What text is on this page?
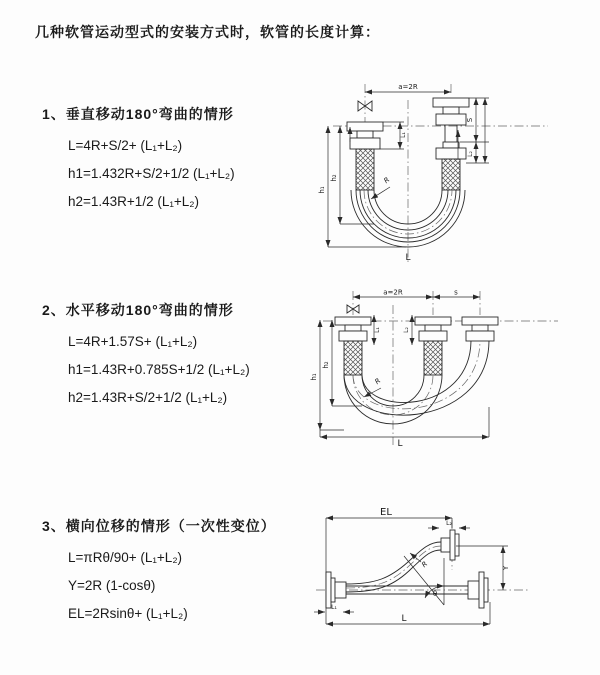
几种软管运动型式的安装方式时，软管的长度计算：
1、垂直移动180°弯曲的情形
L=4R+S/2+ (L₁+L₂)
h1=1.432R+S/2+1/2 (L₁+L₂)
h2=1.43R+1/2 (L₁+L₂)
2、水平移动180°弯曲的情形
L=4R+1.57S+ (L₁+L₂)
h1=1.43R+0.785S+1/2 (L₁+L₂)
h2=1.43R+S/2+1/2 (L₁+L₂)
3、横向位移的情形（一次性变位）
L=πRθ/90+ (L₁+L₂)
Y=2R (1-cosθ)
EL=2Rsinθ+ (L₁+L₂)
a=2R
h₁
h₂
L₁
S
L₂
R
L
a=2R	s
h₁
h₂
L₁	L₂
R
L
EL
L₂
R
θ
Y
L₁
L
